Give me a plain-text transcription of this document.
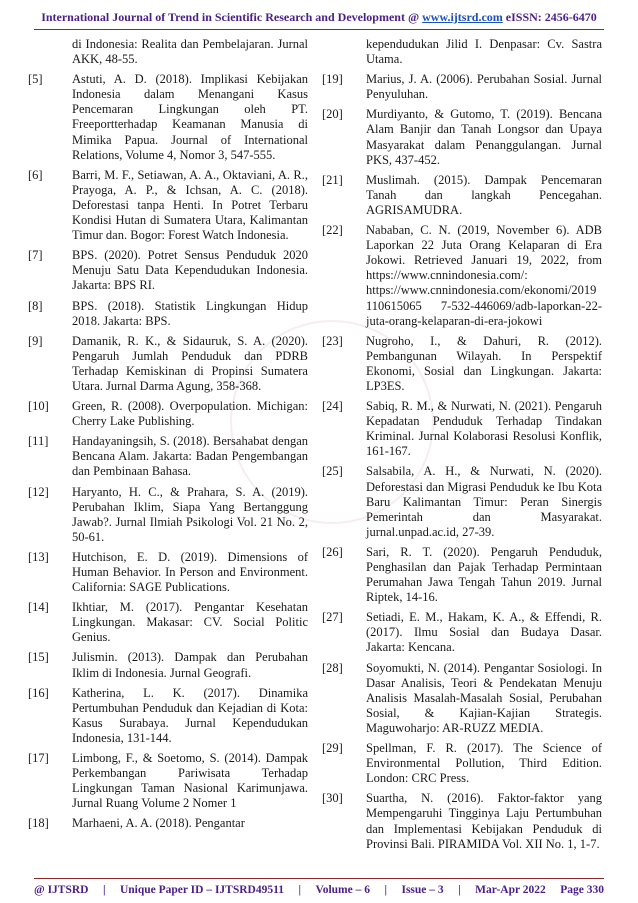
International Journal of Trend in Scientific Research and Development @ www.ijtsrd.com eISSN: 2456-6470
di Indonesia: Realita dan Pembelajaran. Jurnal AKK, 48-55.
[5]	Astuti, A. D. (2018). Implikasi Kebijakan Indonesia dalam Menangani Kasus Pencemaran Lingkungan oleh PT. Freeportterhadap Keamanan Manusia di Mimika Papua. Journal of International Relations, Volume 4, Nomor 3, 547-555.
[6]	Barri, M. F., Setiawan, A. A., Oktaviani, A. R., Prayoga, A. P., & Ichsan, A. C. (2018). Deforestasi tanpa Henti. In Potret Terbaru Kondisi Hutan di Sumatera Utara, Kalimantan Timur dan. Bogor: Forest Watch Indonesia.
[7]	BPS. (2020). Potret Sensus Penduduk 2020 Menuju Satu Data Kependudukan Indonesia. Jakarta: BPS RI.
[8]	BPS. (2018). Statistik Lingkungan Hidup 2018. Jakarta: BPS.
[9]	Damanik, R. K., & Sidauruk, S. A. (2020). Pengaruh Jumlah Penduduk dan PDRB Terhadap Kemiskinan di Propinsi Sumatera Utara. Jurnal Darma Agung, 358-368.
[10]	Green, R. (2008). Overpopulation. Michigan: Cherry Lake Publishing.
[11]	Handayaningsih, S. (2018). Bersahabat dengan Bencana Alam. Jakarta: Badan Pengembangan dan Pembinaan Bahasa.
[12]	Haryanto, H. C., & Prahara, S. A. (2019). Perubahan Iklim, Siapa Yang Bertanggung Jawab?. Jurnal Ilmiah Psikologi Vol. 21 No. 2, 50-61.
[13]	Hutchison, E. D. (2019). Dimensions of Human Behavior. In Person and Environment. California: SAGE Publications.
[14]	Ikhtiar, M. (2017). Pengantar Kesehatan Lingkungan. Makasar: CV. Social Politic Genius.
[15]	Julismin. (2013). Dampak dan Perubahan Iklim di Indonesia. Jurnal Geografi.
[16]	Katherina, L. K. (2017). Dinamika Pertumbuhan Penduduk dan Kejadian di Kota: Kasus Surabaya. Jurnal Kependudukan Indonesia, 131-144.
[17]	Limbong, F., & Soetomo, S. (2014). Dampak Perkembangan Pariwisata Terhadap Lingkungan Taman Nasional Karimunjawa. Jurnal Ruang Volume 2 Nomer 1
[18]	Marhaeni, A. A. (2018). Pengantar
kependudukan Jilid I. Denpasar: Cv. Sastra Utama.
[19]	Marius, J. A. (2006). Perubahan Sosial. Jurnal Penyuluhan.
[20]	Murdiyanto, & Gutomo, T. (2019). Bencana Alam Banjir dan Tanah Longsor dan Upaya Masyarakat dalam Penanggulangan. Jurnal PKS, 437-452.
[21]	Muslimah. (2015). Dampak Pencemaran Tanah dan langkah Pencegahan. AGRISAMUDRA.
[22]	Nababan, C. N. (2019, November 6). ADB Laporkan 22 Juta Orang Kelaparan di Era Jokowi. Retrieved Januari 19, 2022, from https://www.cnnindonesia.com/: https://www.cnnindonesia.com/ekonomi/2019110615065 7-532-446069/adb-laporkan-22-juta-orang-kelaparan-di-era-jokowi
[23]	Nugroho, I., & Dahuri, R. (2012). Pembangunan Wilayah. In Perspektif Ekonomi, Sosial dan Lingkungan. Jakarta: LP3ES.
[24]	Sabiq, R. M., & Nurwati, N. (2021). Pengaruh Kepadatan Penduduk Terhadap Tindakan Kriminal. Jurnal Kolaborasi Resolusi Konflik, 161-167.
[25]	Salsabila, A. H., & Nurwati, N. (2020). Deforestasi dan Migrasi Penduduk ke Ibu Kota Baru Kalimantan Timur: Peran Sinergis Pemerintah dan Masyarakat. jurnal.unpad.ac.id, 27-39.
[26]	Sari, R. T. (2020). Pengaruh Penduduk, Penghasilan dan Pajak Terhadap Permintaan Perumahan Jawa Tengah Tahun 2019. Jurnal Riptek, 14-16.
[27]	Setiadi, E. M., Hakam, K. A., & Effendi, R. (2017). Ilmu Sosial dan Budaya Dasar. Jakarta: Kencana.
[28]	Soyomukti, N. (2014). Pengantar Sosiologi. In Dasar Analisis, Teori & Pendekatan Menuju Analisis Masalah-Masalah Sosial, Perubahan Sosial, & Kajian-Kajian Strategis. Maguwoharjo: AR-RUZZ MEDIA.
[29]	Spellman, F. R. (2017). The Science of Environmental Pollution, Third Edition. London: CRC Press.
[30]	Suartha, N. (2016). Faktor-faktor yang Mempengaruhi Tingginya Laju Pertumbuhan dan Implementasi Kebijakan Penduduk di Provinsi Bali. PIRAMIDA Vol. XII No. 1, 1-7.
@ IJTSRD | Unique Paper ID – IJTSRD49511 | Volume – 6 | Issue – 3 | Mar-Apr 2022 Page 330
